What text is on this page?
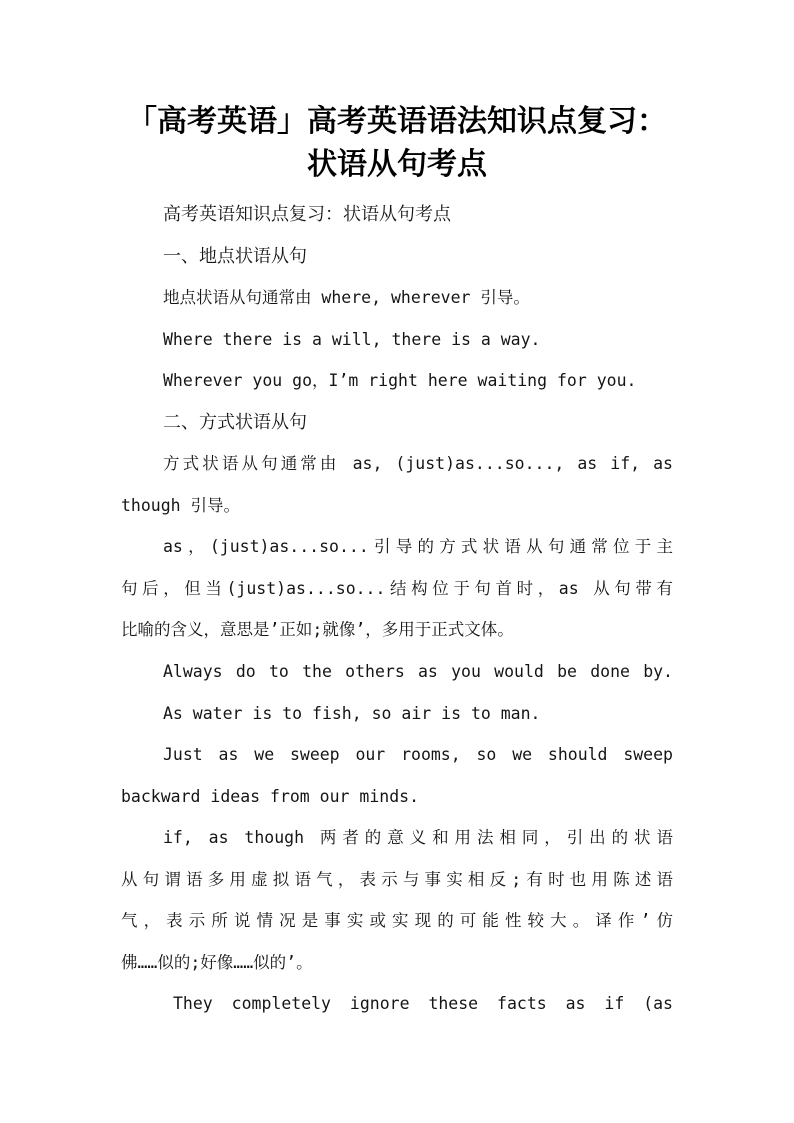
「高考英语」高考英语语法知识点复习：
状语从句考点
高考英语知识点复习：状语从句考点
一、地点状语从句
地点状语从句通常由 where, wherever 引导。
Where there is a will, there is a way.
Wherever you go，I’m right here waiting for you.
二、方式状语从句
方式状语从句通常由 as, (just)as...so..., as if, as
though 引导。
as，(just)as...so...引导的方式状语从句通常位于主
句后，但当(just)as...so...结构位于句首时，as 从句带有
比喻的含义，意思是’正如;就像’，多用于正式文体。
Always do to the others as you would be done by.
As water is to fish, so air is to man.
Just as we sweep our rooms, so we should sweep
backward ideas from our minds.
if, as though 两者的意义和用法相同，引出的状语
从句谓语多用虚拟语气，表示与事实相反;有时也用陈述语
气，表示所说情况是事实或实现的可能性较大。译作’仿
佛……似的;好像……似的’。
They completely ignore these facts as if (as
